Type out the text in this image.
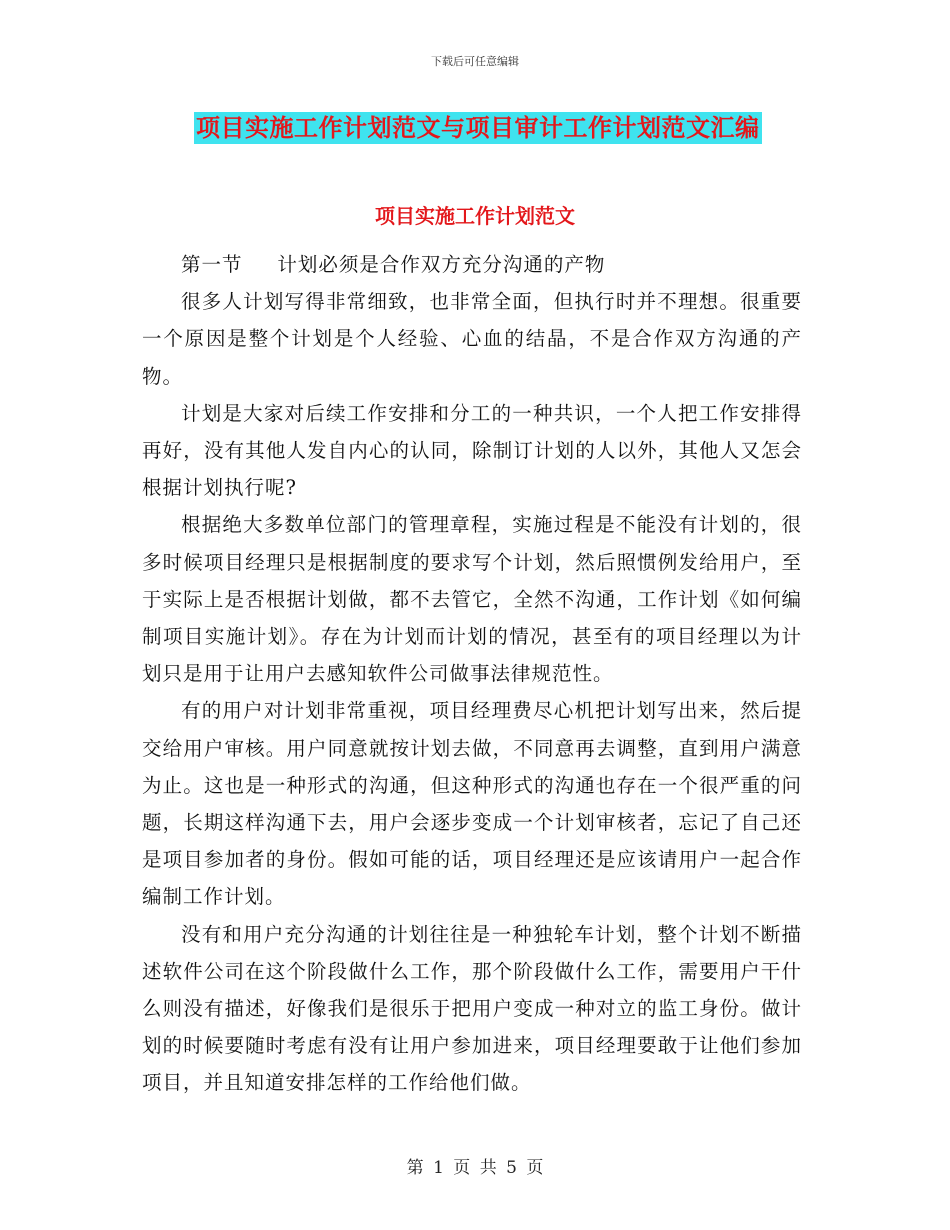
下载后可任意编辑
项目实施工作计划范文与项目审计工作计划范文汇编
项目实施工作计划范文

第一节　  计划必须是合作双方充分沟通的产物

很多人计划写得非常细致，也非常全面，但执行时并不理想。很重要一个原因是整个计划是个人经验、心血的结晶，不是合作双方沟通的产物。

计划是大家对后续工作安排和分工的一种共识，一个人把工作安排得再好，没有其他人发自内心的认同，除制订计划的人以外，其他人又怎会根据计划执行呢?

根据绝大多数单位部门的管理章程，实施过程是不能没有计划的，很多时候项目经理只是根据制度的要求写个计划，然后照惯例发给用户，至于实际上是否根据计划做，都不去管它，全然不沟通，工作计划《如何编制项目实施计划》。存在为计划而计划的情况，甚至有的项目经理以为计划只是用于让用户去感知软件公司做事法律规范性。

有的用户对计划非常重视，项目经理费尽心机把计划写出来，然后提交给用户审核。用户同意就按计划去做，不同意再去调整，直到用户满意为止。这也是一种形式的沟通，但这种形式的沟通也存在一个很严重的问题，长期这样沟通下去，用户会逐步变成一个计划审核者，忘记了自己还是项目参加者的身份。假如可能的话，项目经理还是应该请用户一起合作编制工作计划。

没有和用户充分沟通的计划往往是一种独轮车计划，整个计划不断描述软件公司在这个阶段做什么工作，那个阶段做什么工作，需要用户干什么则没有描述，好像我们是很乐于把用户变成一种对立的监工身份。做计划的时候要随时考虑有没有让用户参加进来，项目经理要敢于让他们参加项目，并且知道安排怎样的工作给他们做。

第 1 页 共 5 页
